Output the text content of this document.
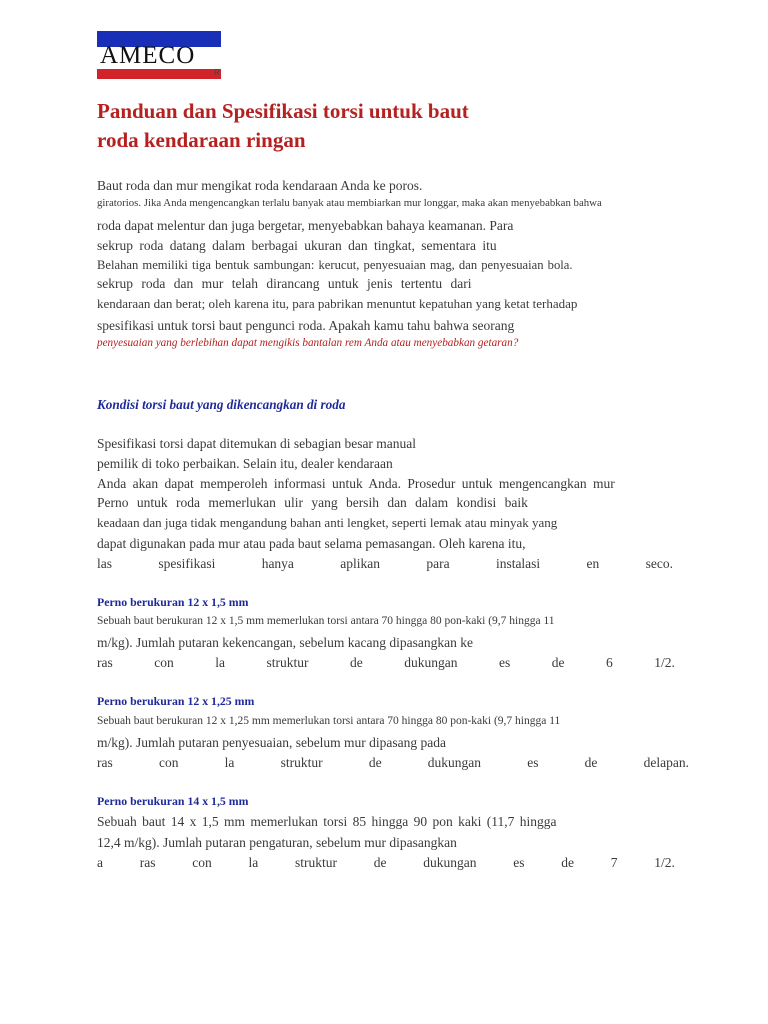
AMECO
R
Panduan dan Spesifikasi torsi untuk baut
roda kendaraan ringan
Baut roda dan mur mengikat roda kendaraan Anda ke poros.
giratorios. Jika Anda mengencangkan terlalu banyak atau membiarkan mur longgar, maka akan menyebabkan bahwa
roda dapat melentur dan juga bergetar, menyebabkan bahaya keamanan. Para
sekrup roda datang dalam berbagai ukuran dan tingkat, sementara itu
Belahan memiliki tiga bentuk sambungan: kerucut, penyesuaian mag, dan penyesuaian bola.
sekrup roda dan mur telah dirancang untuk jenis tertentu dari
kendaraan dan berat; oleh karena itu, para pabrikan menuntut kepatuhan yang ketat terhadap
spesifikasi untuk torsi baut pengunci roda. Apakah kamu tahu bahwa seorang
penyesuaian yang berlebihan dapat mengikis bantalan rem Anda atau menyebabkan getaran?
Kondisi torsi baut yang dikencangkan di roda
Spesifikasi torsi dapat ditemukan di sebagian besar manual
pemilik di toko perbaikan. Selain itu, dealer kendaraan
Anda akan dapat memperoleh informasi untuk Anda. Prosedur untuk mengencangkan mur
Perno untuk roda memerlukan ulir yang bersih dan dalam kondisi baik
keadaan dan juga tidak mengandung bahan anti lengket, seperti lemak atau minyak yang
dapat digunakan pada mur atau pada baut selama pemasangan. Oleh karena itu,
las	spesifikasi	hanya	aplikan	para	instalasi	en	seco.
Perno berukuran 12 x 1,5 mm
Sebuah baut berukuran 12 x 1,5 mm memerlukan torsi antara 70 hingga 80 pon-kaki (9,7 hingga 11
m/kg). Jumlah putaran kekencangan, sebelum kacang dipasangkan ke
ras	con	la	struktur	de	dukungan	es	de	6	1/2.
Perno berukuran 12 x 1,25 mm
Sebuah baut berukuran 12 x 1,25 mm memerlukan torsi antara 70 hingga 80 pon-kaki (9,7 hingga 11
m/kg). Jumlah putaran penyesuaian, sebelum mur dipasang pada
ras	con	la	struktur	de	dukungan	es	de	delapan.
Perno berukuran 14 x 1,5 mm
Sebuah baut 14 x 1,5 mm memerlukan torsi 85 hingga 90 pon kaki (11,7 hingga
12,4 m/kg). Jumlah putaran pengaturan, sebelum mur dipasangkan
a	ras	con	la	struktur	de	dukungan	es	de	7	1/2.
